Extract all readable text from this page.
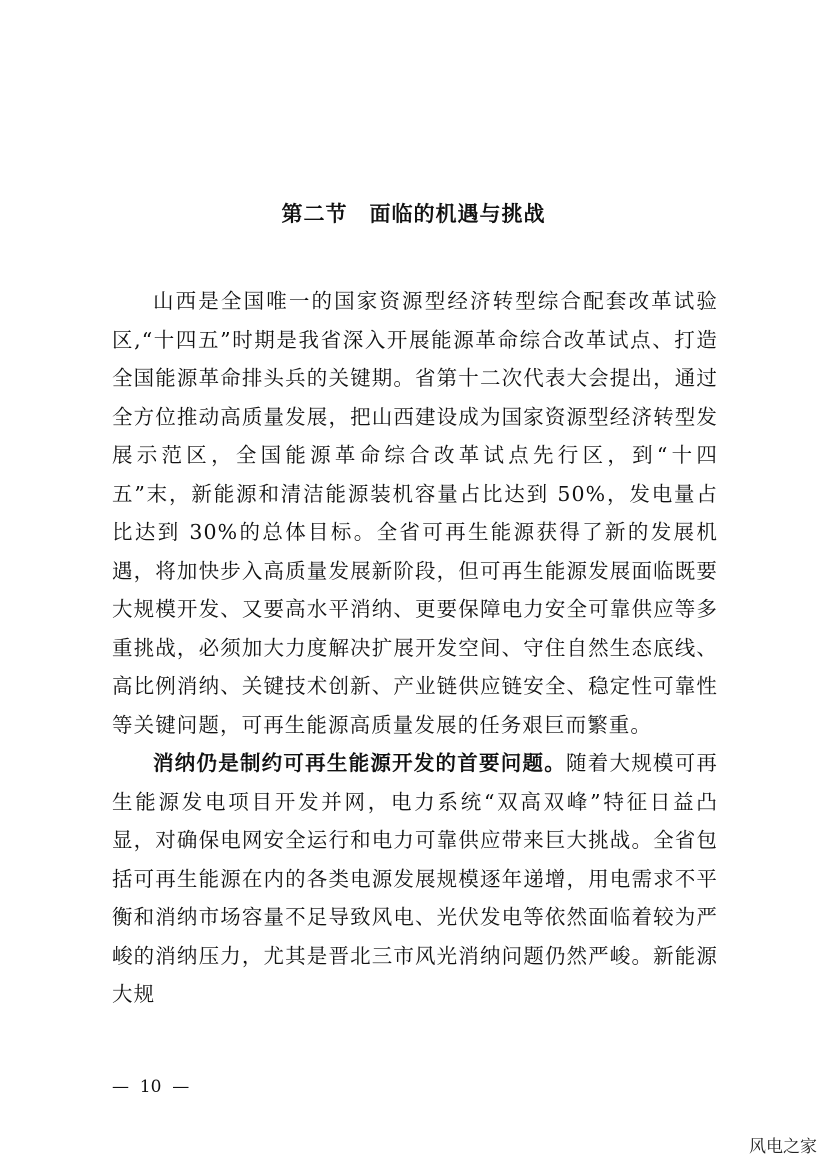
第二节　面临的机遇与挑战

山西是全国唯一的国家资源型经济转型综合配套改革试验区,“十四五”时期是我省深入开展能源革命综合改革试点、打造全国能源革命排头兵的关键期。省第十二次代表大会提出，通过全方位推动高质量发展，把山西建设成为国家资源型经济转型发展示范区，全国能源革命综合改革试点先行区，到“十四五”末，新能源和清洁能源装机容量占比达到 50%，发电量占比达到 30%的总体目标。全省可再生能源获得了新的发展机遇，将加快步入高质量发展新阶段，但可再生能源发展面临既要大规模开发、又要高水平消纳、更要保障电力安全可靠供应等多重挑战，必须加大力度解决扩展开发空间、守住自然生态底线、高比例消纳、关键技术创新、产业链供应链安全、稳定性可靠性等关键问题，可再生能源高质量发展的任务艰巨而繁重。

消纳仍是制约可再生能源开发的首要问题。随着大规模可再生能源发电项目开发并网，电力系统“双高双峰”特征日益凸显，对确保电网安全运行和电力可靠供应带来巨大挑战。全省包括可再生能源在内的各类电源发展规模逐年递增，用电需求不平衡和消纳市场容量不足导致风电、光伏发电等依然面临着较为严峻的消纳压力，尤其是晋北三市风光消纳问题仍然严峻。新能源大规

—  10  —
风电之家
